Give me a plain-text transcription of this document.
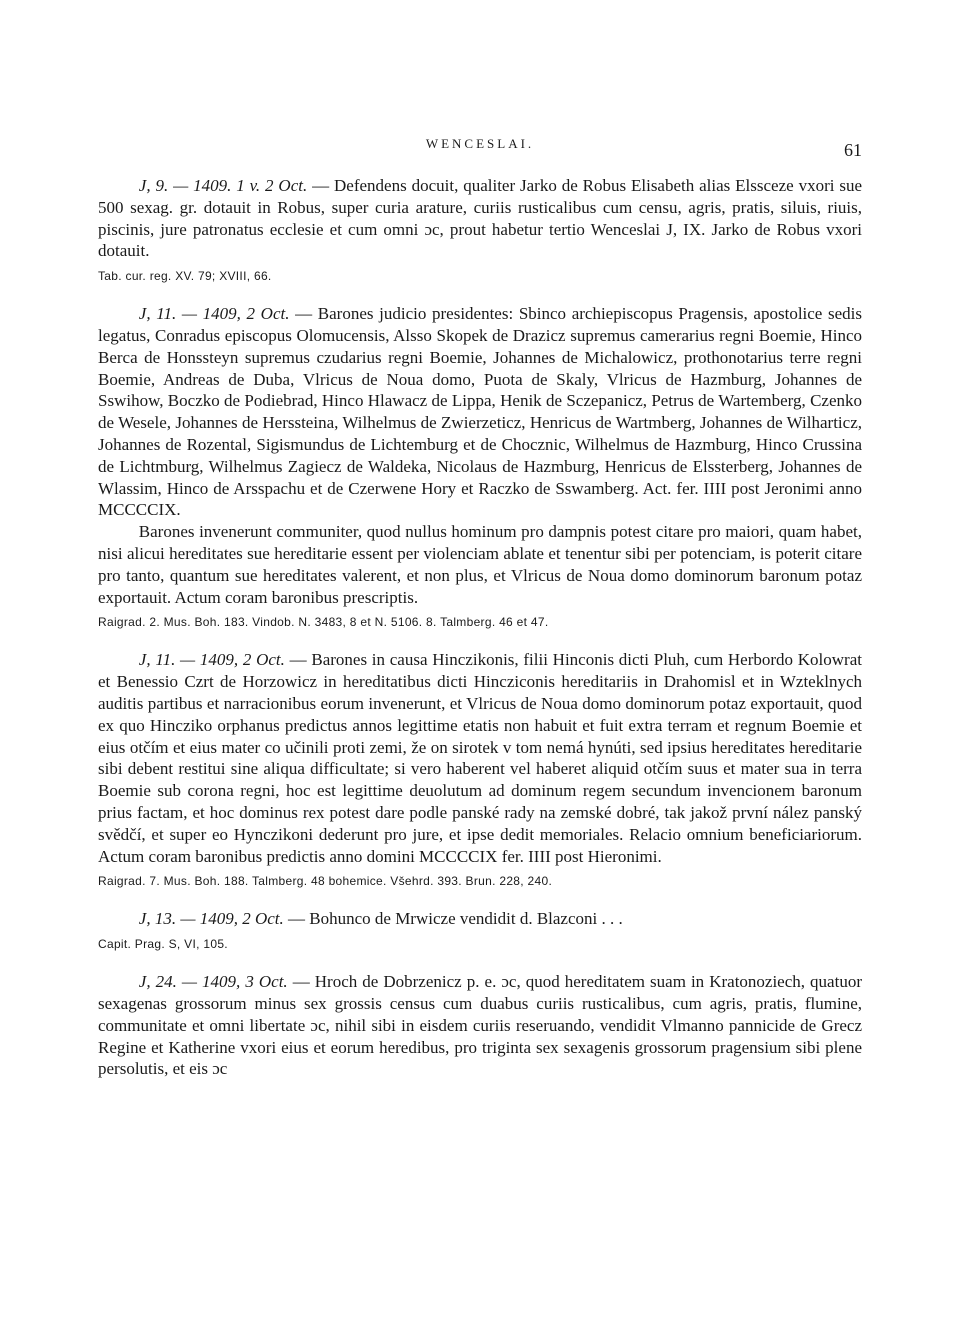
WENCESLAI.	61

J, 9. — 1409. 1 v. 2 Oct. — Defendens docuit, qualiter Jarko de Robus Elisabeth alias Elssceze vxori sue 500 sexag. gr. dotauit in Robus, super curia arature, curiis rusticalibus cum censu, agris, pratis, siluis, riuis, piscinis, jure patronatus ecclesie et cum omni ɔc, prout habetur tertio Wenceslai J, IX. Jarko de Robus vxori dotauit.

Tab. cur. reg. XV. 79; XVIII, 66.

J, 11. — 1409, 2 Oct. — Barones judicio presidentes: Sbinco archiepiscopus Pragensis, apostolice sedis legatus, Conradus episcopus Olomucensis, Alsso Skopek de Drazicz supremus camerarius regni Boemie, Hinco Berca de Honssteyn supremus czudarius regni Boemie, Johannes de Michalowicz, prothonotarius terre regni Boemie, Andreas de Duba, Vlricus de Noua domo, Puota de Skaly, Vlricus de Hazmburg, Johannes de Sswihow, Boczko de Podiebrad, Hinco Hlawacz de Lippa, Henik de Sczepanicz, Petrus de Wartemberg, Czenko de Wesele, Johannes de Herssteina, Wilhelmus de Zwierzeticz, Henricus de Wartmberg, Johannes de Wilharticz, Johannes de Rozental, Sigismundus de Lichtemburg et de Chocznic, Wilhelmus de Hazmburg, Hinco Crussina de Lichtmburg, Wilhelmus Zagiecz de Waldeka, Nicolaus de Hazmburg, Henricus de Elssterberg, Johannes de Wlassim, Hinco de Arsspachu et de Czerwene Hory et Raczko de Sswamberg. Act. fer. IIII post Jeronimi anno MCCCCIX.

Barones invenerunt communiter, quod nullus hominum pro dampnis potest citare pro maiori, quam habet, nisi alicui hereditates sue hereditarie essent per violenciam ablate et tenentur sibi per potenciam, is poterit citare pro tanto, quantum sue hereditates valerent, et non plus, et Vlricus de Noua domo dominorum baronum potaz exportauit. Actum coram baronibus prescriptis.

Raigrad. 2. Mus. Boh. 183. Vindob. N. 3483, 8 et N. 5106. 8. Talmberg. 46 et 47.

J, 11. — 1409, 2 Oct. — Barones in causa Hinczikonis, filii Hinconis dicti Pluh, cum Herbordo Kolowrat et Benessio Czrt de Horzowicz in hereditatibus dicti Hincziconis hereditariis in Drahomisl et in Wzteklnych auditis partibus et narracionibus eorum invenerunt, et Vlricus de Noua domo dominorum potaz exportauit, quod ex quo Hinczikο orphanus predictus annos legittime etatis non habuit et fuit extra terram et regnum Boemie et eius otčím et eius mater co učinili proti zemi, že on sirotek v tom nemá hynúti, sed ipsius hereditates hereditarie sibi debent restitui sine aliqua difficultate; si vero haberent vel haberet aliquid otčím suus et mater sua in terra Boemie sub corona regni, hoc est legittime deuolutum ad dominum regem secundum invencionem baronum prius factam, et hoc dominus rex potest dare podle panské rady na zemské dobré, tak jakož první nález panský svědčí, et super eo Hynczikoni dederunt pro jure, et ipse dedit memoriales. Relacio omnium beneficiariorum. Actum coram baronibus predictis anno domini MCCCCIX fer. IIII post Hieronimi.

Raigrad. 7. Mus. Boh. 188. Talmberg. 48 bohemice. Všehrd. 393. Brun. 228, 240.

J, 13. — 1409, 2 Oct. — Bohunco de Mrwicze vendidit d. Blazconi . . .

Capit. Prag. S, VI, 105.

J, 24. — 1409, 3 Oct. — Hroch de Dobrzenicz p. e. ɔc, quod hereditatem suam in Kratonoziech, quatuor sexagenas grossorum minus sex grossis census cum duabus curiis rusticalibus, cum agris, pratis, flumine, communitate et omni libertate ɔc, nihil sibi in eisdem curiis reseruando, vendidit Vlmanno pannicide de Grecz Regine et Katherine vxori eius et eorum heredibus, pro triginta sex sexagenis grossorum pragensium sibi plene persolutis, et eis ɔc
